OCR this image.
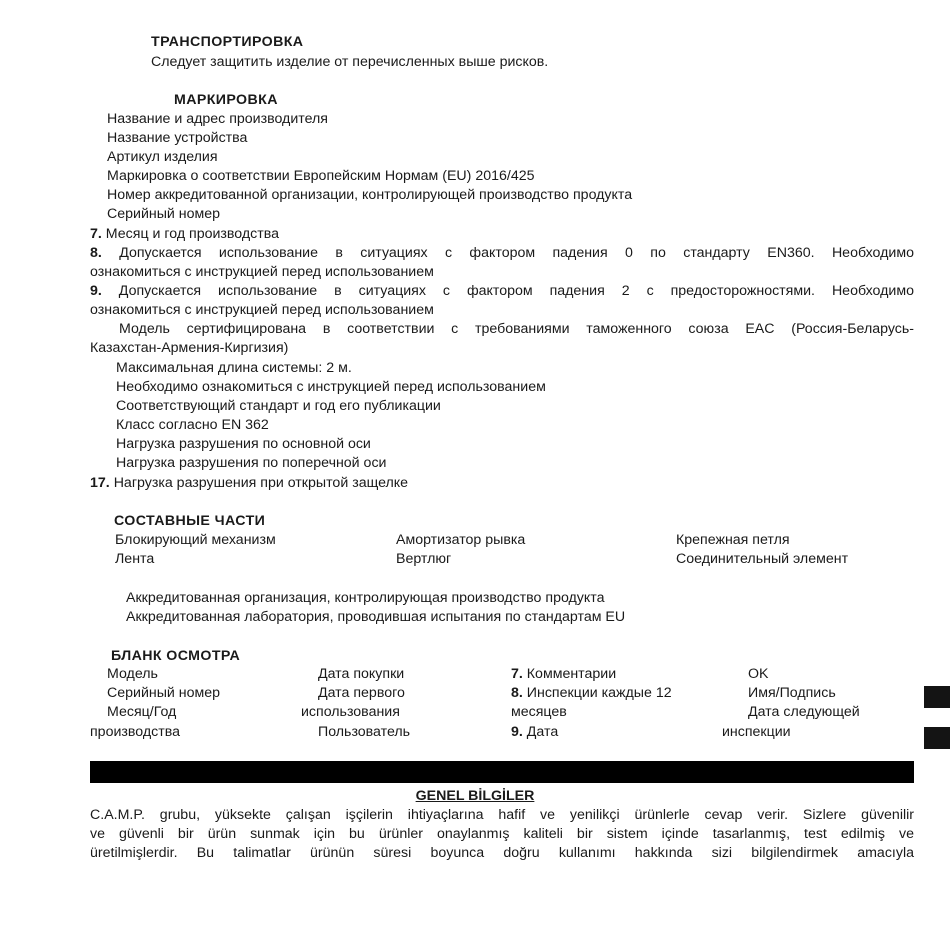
ТРАНСПОРТИРОВКА
Следует защитить изделие от перечисленных выше рисков.
МАРКИРОВКА
Название и адрес производителя
Название устройства
Артикул изделия
Маркировка о соответствии Европейским Нормам (EU) 2016/425
Номер аккредитованной организации, контролирующей производство продукта
Серийный номер
7. Месяц и год производства
8. Допускается использование в ситуациях с фактором падения 0 по стандарту EN360. Необходимо
ознакомиться с инструкцией перед использованием
9. Допускается использование в ситуациях с фактором падения 2 с предосторожностями. Необходимо
ознакомиться с инструкцией перед использованием
Модель сертифицирована в соответствии с требованиями таможенного союза EAC (Россия-Беларусь-
Казахстан-Армения-Киргизия)
Максимальная длина системы: 2 м.
Необходимо ознакомиться с инструкцией перед использованием
Соответствующий стандарт и год его публикации
Класс согласно EN 362
Нагрузка разрушения по основной оси
Нагрузка разрушения по поперечной оси
17. Нагрузка разрушения при открытой защелке
СОСТАВНЫЕ ЧАСТИ
Блокирующий механизм
Лента
Амортизатор рывка
Вертлюг
Крепежная петля
Соединительный элемент
Аккредитованная организация, контролирующая производство продукта
Аккредитованная лаборатория, проводившая испытания по стандартам EU
БЛАНК ОСМОТРА
Модель
Серийный номер
Месяц/Год
производства
Дата покупки
Дата первого
использования
Пользователь
7. Комментарии
8. Инспекции каждые 12
месяцев
9. Дата
OK
Имя/Подпись
Дата следующей
инспекции
GENEL BİLGİLER
C.A.M.P. grubu, yüksekte çalışan işçilerin ihtiyaçlarına hafif ve yenilikçi ürünlerle cevap verir. Sizlere güvenilir
ve güvenli bir ürün sunmak için bu ürünler onaylanmış kaliteli bir sistem içinde tasarlanmış, test edilmiş ve
üretilmişlerdir. Bu talimatlar ürünün süresi boyunca doğru kullanımı hakkında sizi bilgilendirmek amacıyla
